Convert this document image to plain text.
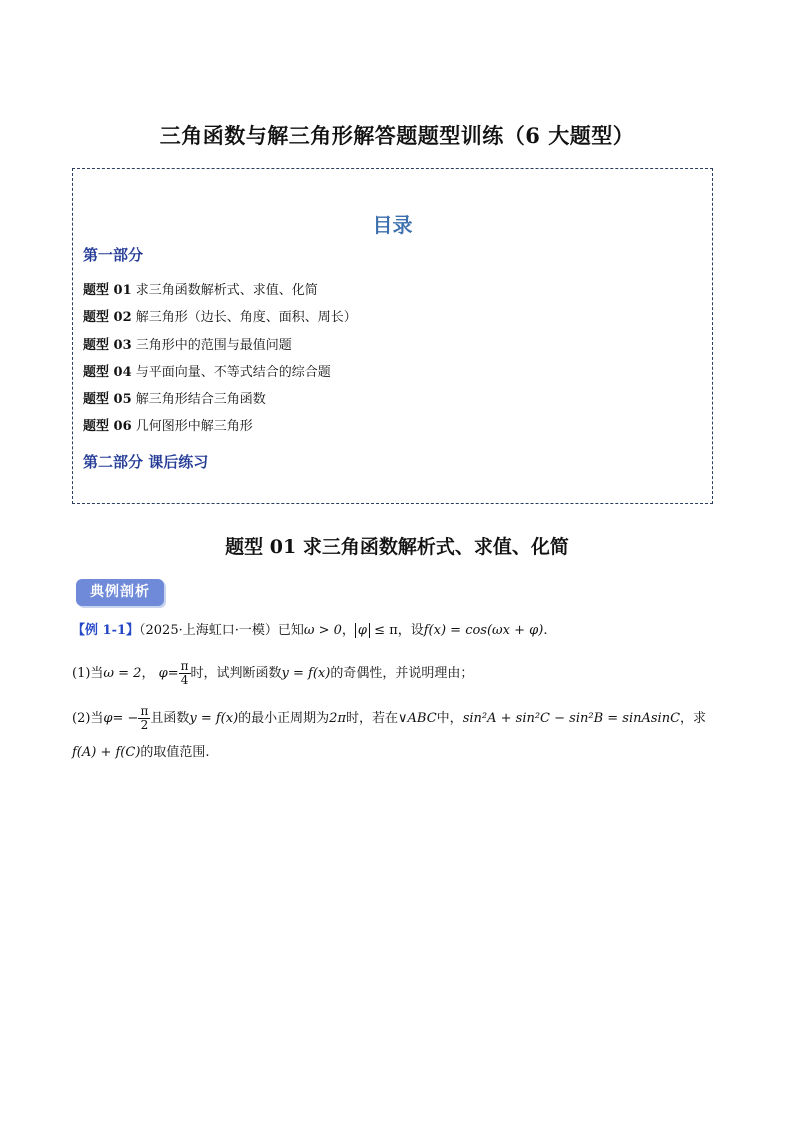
三角函数与解三角形解答题题型训练（6 大题型）
目录
第一部分
题型 01 求三角函数解析式、求值、化简
题型 02 解三角形（边长、角度、面积、周长）
题型 03 三角形中的范围与最值问题
题型 04 与平面向量、不等式结合的综合题
题型 05 解三角形结合三角函数
题型 06 几何图形中解三角形
第二部分 课后练习
题型 01 求三角函数解析式、求值、化简
典例剖析
【例 1-1】（2025·上海虹口·一模）已知ω > 0， φ ≤ π，设f(x) = cos(ωx + φ).
(1)当ω = 2， $\varphi= \frac{\pi}{4}$ 时，试判断函数y = f(x)的奇偶性，并说明理由；
(2)当$\varphi= - \frac{\pi}{2}$ 且函数y = f(x)的最小正周期为2π时，若在∨ABC中，sin²A + sin²C − sin²B = sinAsinC，求
f(A) + f(C)的取值范围.
